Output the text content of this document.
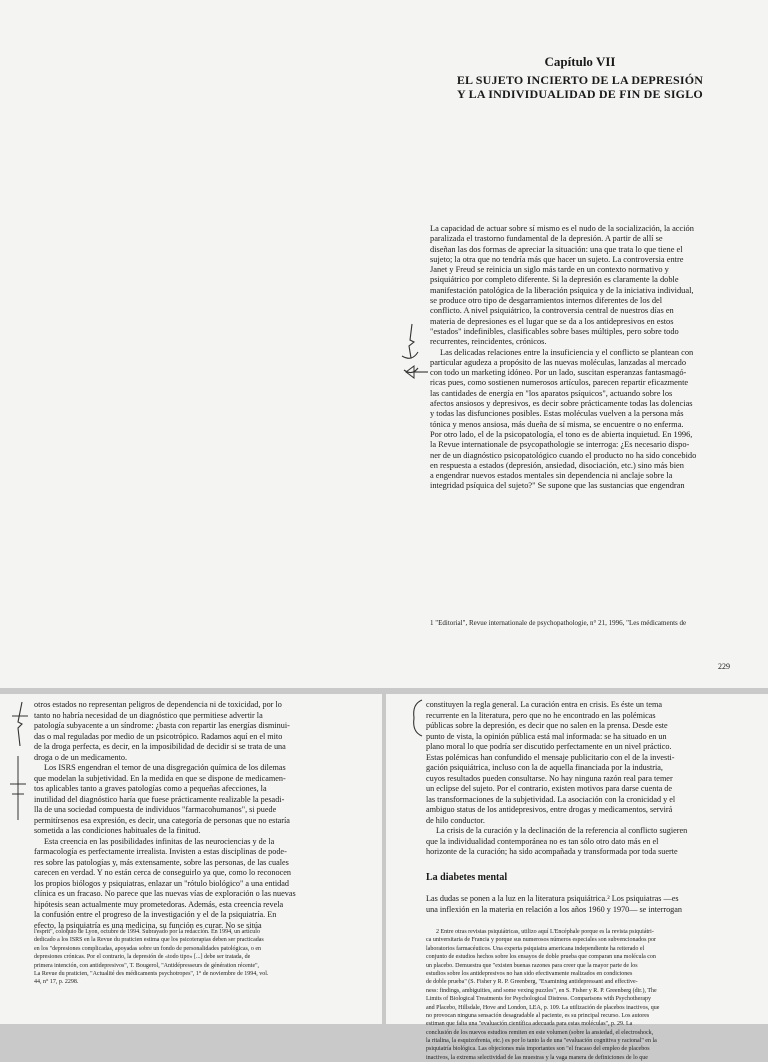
Capítulo VII
EL SUJETO INCIERTO DE LA DEPRESIÓN
Y LA INDIVIDUALIDAD DE FIN DE SIGLO
La capacidad de actuar sobre sí mismo es el nudo de la socialización, la acción
paralizada el trastorno fundamental de la depresión. A partir de allí se
diseñan las dos formas de apreciar la situación: una que trata lo que tiene el
sujeto; la otra que no tendría más que hacer un sujeto. La controversia entre
Janet y Freud se reinicia un siglo más tarde en un contexto normativo y
psiquiátrico por completo diferente. Si la depresión es claramente la doble
manifestación patológica de la liberación psíquica y de la iniciativa individual,
se produce otro tipo de desgarramientos internos diferentes de los del
conflicto. A nivel psiquiátrico, la controversia central de nuestros días en
materia de depresiones es el lugar que se da a los antidepresivos en estos
"estados" indefinibles, clasificables sobre bases múltiples, pero sobre todo
recurrentes, reincidentes, crónicos.
Las delicadas relaciones entre la insuficiencia y el conflicto se plantean con
particular agudeza a propósito de las nuevas moléculas, lanzadas al mercado
con todo un marketing idóneo. Por un lado, suscitan esperanzas fantasmagó-
ricas pues, como sostienen numerosos artículos, parecen repartir eficazmente
las cantidades de energía en "los aparatos psíquicos", actuando sobre los
afectos ansiosos y depresivos, es decir sobre prácticamente todas las dolencias
y todas las disfunciones posibles. Estas moléculas vuelven a la persona más
tónica y menos ansiosa, más dueña de sí misma, se encuentre o no enferma.
Por otro lado, el de la psicopatología, el tono es de abierta inquietud. En 1996,
la Revue internationale de psycopathologie se interroga: ¿Es necesario dispo-
ner de un diagnóstico psicopatológico cuando el producto no ha sido concebido
en respuesta a estados (depresión, ansiedad, disociación, etc.) sino más bien
a engendrar nuevos estados mentales sin dependencia ni anclaje sobre la
integridad psíquica del sujeto?" Se supone que las sustancias que engendran
1 "Editorial", Revue internationale de psychopathologie, n° 21, 1996, "Les médicaments de
229
otros estados no representan peligros de dependencia ni de toxicidad, por lo
tanto no habría necesidad de un diagnóstico que permitiese advertir la
patología subyacente a un síndrome: ¿basta con repartir las energías disminui-
das o mal reguladas por medio de un psicotrópico. Radamos aquí en el mito
de la droga perfecta, es decir, en la imposibilidad de decidir si se trata de una
droga o de un medicamento.
Los ISRS engendran el temor de una disgregación química de los dilemas
que modelan la subjetividad. En la medida en que se dispone de medicamen-
tos aplicables tanto a graves patologías como a pequeñas afecciones, la
inutilidad del diagnóstico haría que fuese prácticamente realizable la pesadi-
lla de una sociedad compuesta de individuos "farmacohumanos", si puede
permitírsenos esa expresión, es decir, una categoría de personas que no estaría
sometida a las condiciones habituales de la finitud.
Esta creencia en las posibilidades infinitas de las neurociencias y de la
farmacología es perfectamente irrealista. Invisten a estas disciplinas de pode-
res sobre las patologías y, más extensamente, sobre las personas, de las cuales
carecen en verdad. Y no están cerca de conseguirlo ya que, como lo reconocen
los propios biólogos y psiquiatras, enlazar un "rótulo biológico" a una entidad
clínica es un fracaso. No parece que las nuevas vías de exploración o las nuevas
hipótesis sean actualmente muy prometedoras. Además, esta creencia revela
la confusión entre el progreso de la investigación y el de la psiquiatría. En
efecto, la psiquiatría es una medicina, su función es curar. No se sitúa
l'esprit", coloquio de Lyon, octubre de 1994. Subrayado por la redacción. En 1994, un artículo
dedicado a los ISRS en la Revue du praticien estima que los psicoterapias deben ser practicadas
en los "depresiones complicadas, apoyadas sobre un fondo de personalidades patológicas, o en
depresiones crónicas. Por el contrario, la depresión de «todo tipo» [...] debe ser tratada, de
primera intención, con antidepresivos", T. Bougerol, "Antidépresseurs de génération récente",
La Revue du praticien, "Actualité des médicaments psychotropes", 1° de noviembre de 1994, vol.
44, n° 17, p. 2298.
constituyen la regla general. La curación entra en crisis. Es éste un tema
recurrente en la literatura, pero que no he encontrado en las polémicas
públicas sobre la depresión, es decir que no salen en la prensa. Desde este
punto de vista, la opinión pública está mal informada: se ha situado en un
plano moral lo que podría ser discutido perfectamente en un nivel práctico.
Estas polémicas han confundido el mensaje publicitario con el de la investi-
gación psiquiátrica, incluso con la de aquella financiada por la industria,
cuyos resultados pueden consultarse. No hay ninguna razón real para temer
un eclipse del sujeto. Por el contrario, existen motivos para darse cuenta de
las transformaciones de la subjetividad. La asociación con la cronicidad y el
ambiguo status de los antidepresivos, entre drogas y medicamentos, servirá
de hilo conductor.
La crisis de la curación y la declinación de la referencia al conflicto sugieren
que la individualidad contemporánea no es tan sólo otro dato más en el
horizonte de la curación; ha sido acompañada y transformada por toda suerte
La diabetes mental
Las dudas se ponen a la luz en la literatura psiquiátrica.² Los psiquiatras —es
una inflexión en la materia en relación a los años 1960 y 1970— se interrogan
2 Entre otras revistas psiquiátricas, utilizo aquí L'Encéphale porque es la revista psiquiátri-
ca universitaria de Francia y porque sus numerosos números especiales son subvencionados por
laboratorios farmacéuticos. Una experta psiquiatra americana independiente ha reiterado el
conjunto de estudios hechos sobre los ensayos de doble prueba que comparan una molécula con
un placebo. Demuestra que "existen buenas razones para creer que la mayor parte de los
estudios sobre los antidepresivos no han sido efectivamente realizados en condiciones
de doble prueba" (S. Fisher y R. P. Greenberg, "Examining antidepressant and effective-
ness: findings, ambiguities, and some vexing puzzles", en S. Fisher y R. P. Greenberg (dir.), The
Limits of Biological Treatments for Psychological Distress. Comparisons with Psychotherapy
and Placebo, Hillsdale, Hove and London, LEA, p. 109. La utilización de placebos inactivos, que
no provocan ninguna sensación desagradable al paciente, es su principal recurso. Los autores
estiman que falta una "evaluación científica adecuada para estas moléculas", p. 29. La
conclusión de los nuevos estudios remiten en este volumen (sobre la ansiedad, el electroshock,
la ritalina, la esquizofrenia, etc.) es por lo tanto la de una "evaluación cognitiva y racional" en la
psiquiatría biológica. Las objeciones más importantes son "el fracaso del empleo de placebos
inactivos, la extrema selectividad de las muestras y la vaga manera de definiciones de lo que
